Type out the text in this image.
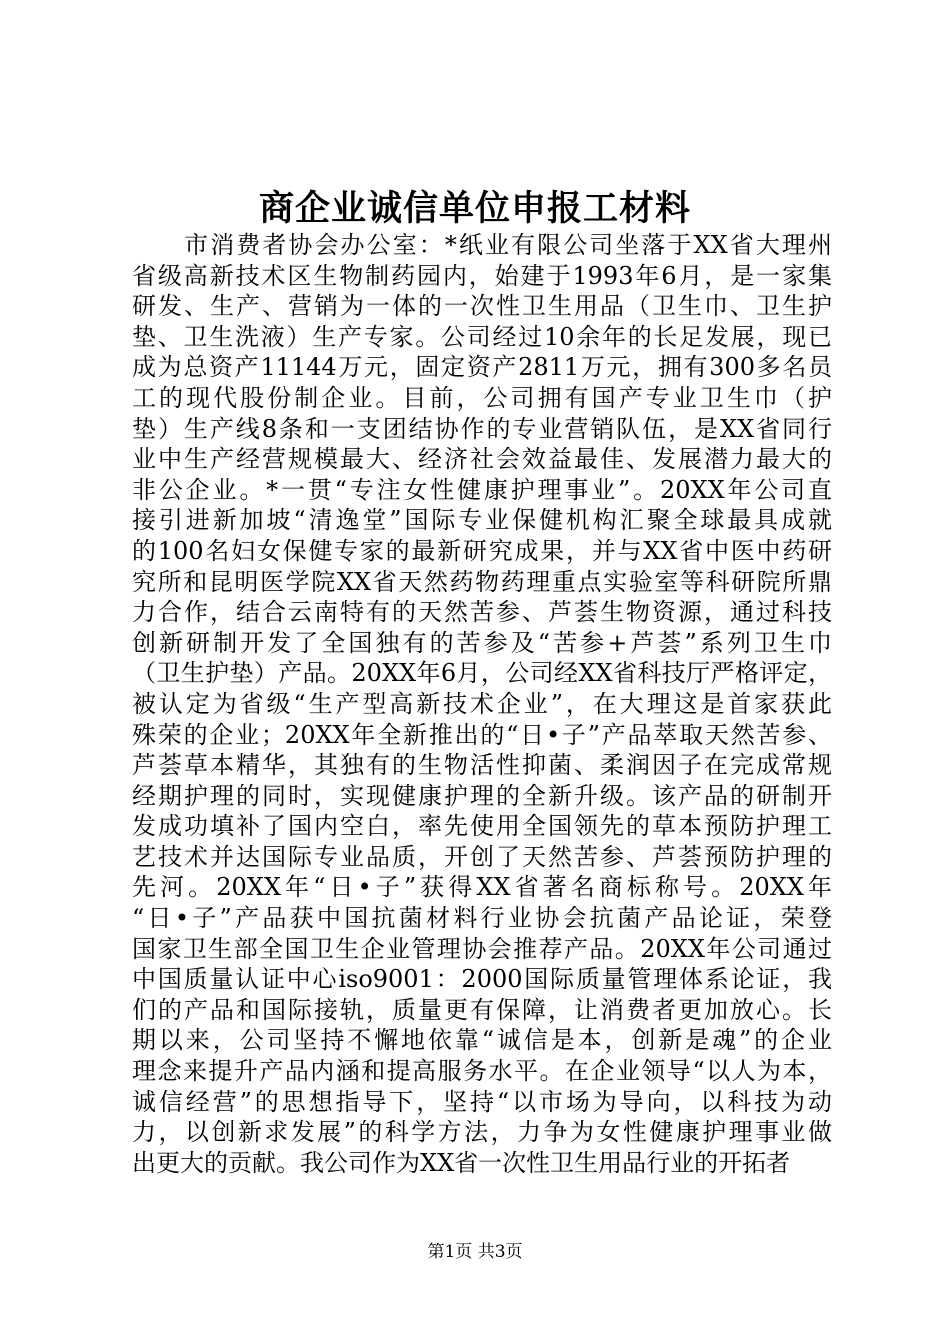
商企业诚信单位申报工材料
　　市消费者协会办公室：*纸业有限公司坐落于XX省大理州
省级高新技术区生物制药园内，始建于1993年6月，是一家集
研发、生产、营销为一体的一次性卫生用品（卫生巾、卫生护
垫、卫生洗液）生产专家。公司经过10余年的长足发展，现已
成为总资产11144万元，固定资产2811万元，拥有300多名员
工的现代股份制企业。目前，公司拥有国产专业卫生巾（护
垫）生产线8条和一支团结协作的专业营销队伍，是XX省同行
业中生产经营规模最大、经济社会效益最佳、发展潜力最大的
非公企业。*一贯“专注女性健康护理事业”。20XX年公司直
接引进新加坡“清逸堂”国际专业保健机构汇聚全球最具成就
的100名妇女保健专家的最新研究成果，并与XX省中医中药研
究所和昆明医学院XX省天然药物药理重点实验室等科研院所鼎
力合作，结合云南特有的天然苦参、芦荟生物资源，通过科技
创新研制开发了全国独有的苦参及“苦参+芦荟”系列卫生巾
（卫生护垫）产品。20XX年6月，公司经XX省科技厅严格评定，
被认定为省级“生产型高新技术企业”，在大理这是首家获此
殊荣的企业；20XX年全新推出的“日•子”产品萃取天然苦参、
芦荟草本精华，其独有的生物活性抑菌、柔润因子在完成常规
经期护理的同时，实现健康护理的全新升级。该产品的研制开
发成功填补了国内空白，率先使用全国领先的草本预防护理工
艺技术并达国际专业品质，开创了天然苦参、芦荟预防护理的
先河。20XX年“日•子”获得XX省著名商标称号。20XX年
“日•子”产品获中国抗菌材料行业协会抗菌产品论证，荣登
国家卫生部全国卫生企业管理协会推荐产品。20XX年公司通过
中国质量认证中心iso9001：2000国际质量管理体系论证，我
们的产品和国际接轨，质量更有保障，让消费者更加放心。长
期以来，公司坚持不懈地依靠“诚信是本，创新是魂”的企业
理念来提升产品内涵和提高服务水平。在企业领导“以人为本，
诚信经营”的思想指导下，坚持“以市场为导向，以科技为动
力，以创新求发展”的科学方法，力争为女性健康护理事业做
出更大的贡献。我公司作为XX省一次性卫生用品行业的开拓者
第1页 共3页
